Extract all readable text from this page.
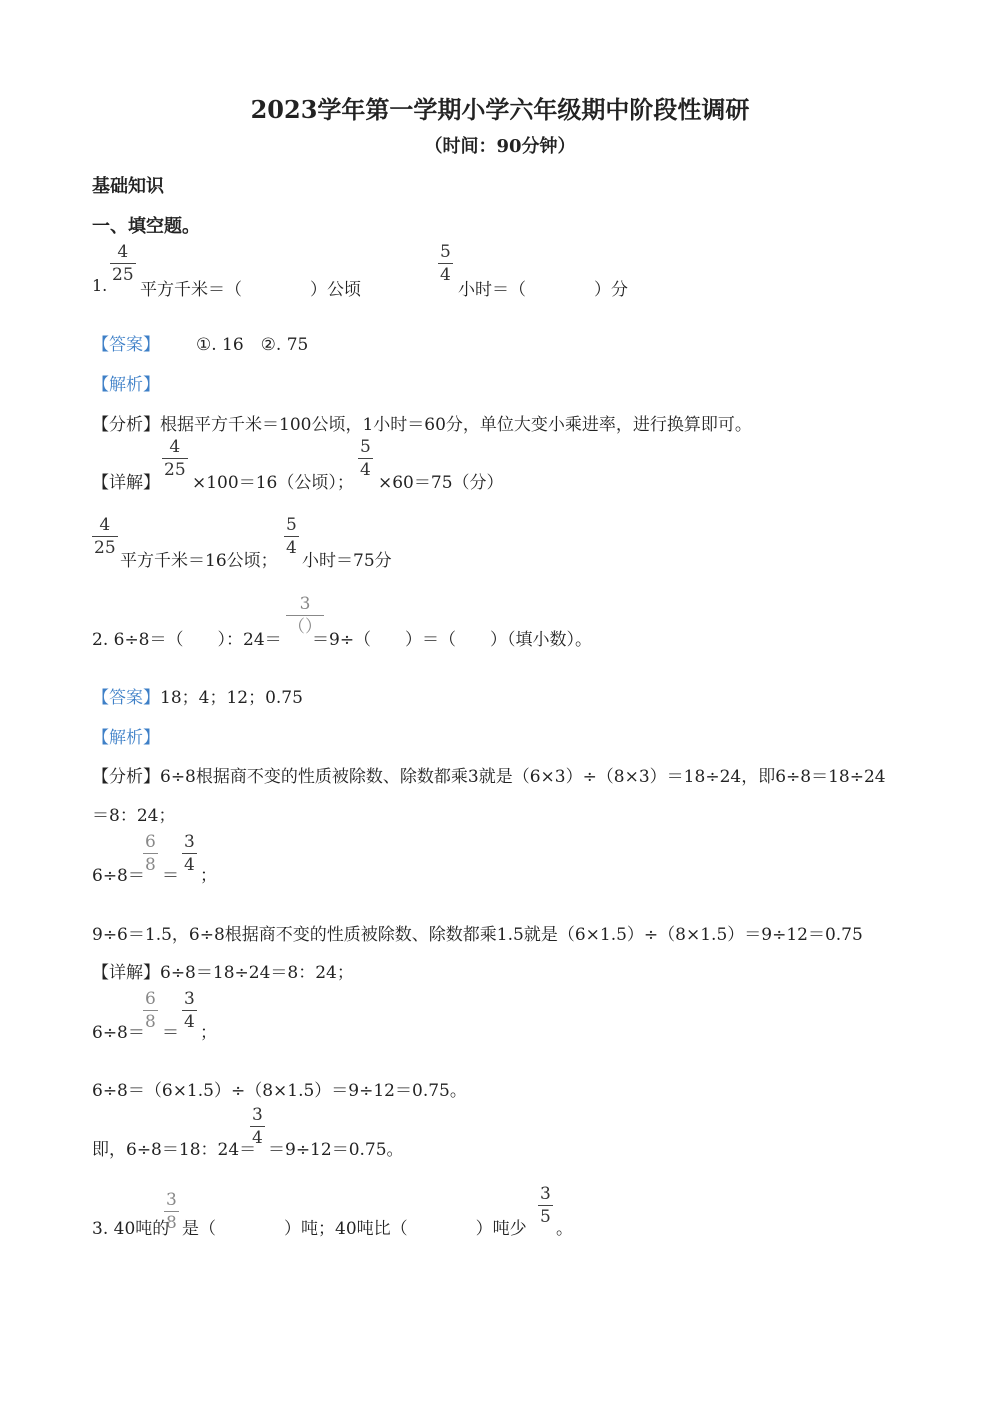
2023学年第一学期小学六年级期中阶段性调研
（时间：90分钟）
基础知识
一、填空题。
1.
4
25
平方千米＝（　　　　）公顷
5
4
小时＝（　　　　）分
【答案】 ①. 16　②. 75
【解析】
【分析】根据平方千米＝100公顷，1小时＝60分，单位大变小乘进率，进行换算即可。
【详解】
4
25
×100＝16（公顷）；
5
4
×60＝75（分）
4
25
平方千米＝16公顷；
5
4
小时＝75分
2. 6÷8＝（　　）：24＝
3
（）
＝9÷（　　）＝（　　）（填小数）。
【答案】 18；4；12；0.75
【解析】
【分析】6÷8根据商不变的性质被除数、除数都乘3就是（6×3）÷（8×3）＝18÷24，即6÷8＝18÷24
＝8：24；
6÷8＝
6
8
＝
3
4
；
9÷6＝1.5，6÷8根据商不变的性质被除数、除数都乘1.5就是（6×1.5）÷（8×1.5）＝9÷12＝0.75
【详解】6÷8＝18÷24＝8：24；
6÷8＝
6
8
＝
3
4
；
6÷8＝（6×1.5）÷（8×1.5）＝9÷12＝0.75。
即，6÷8＝18：24＝
3
4
＝9÷12＝0.75。
3. 40吨的
3
8 是（　　　　）吨；40吨比（　　　　）吨少
3
5
。
